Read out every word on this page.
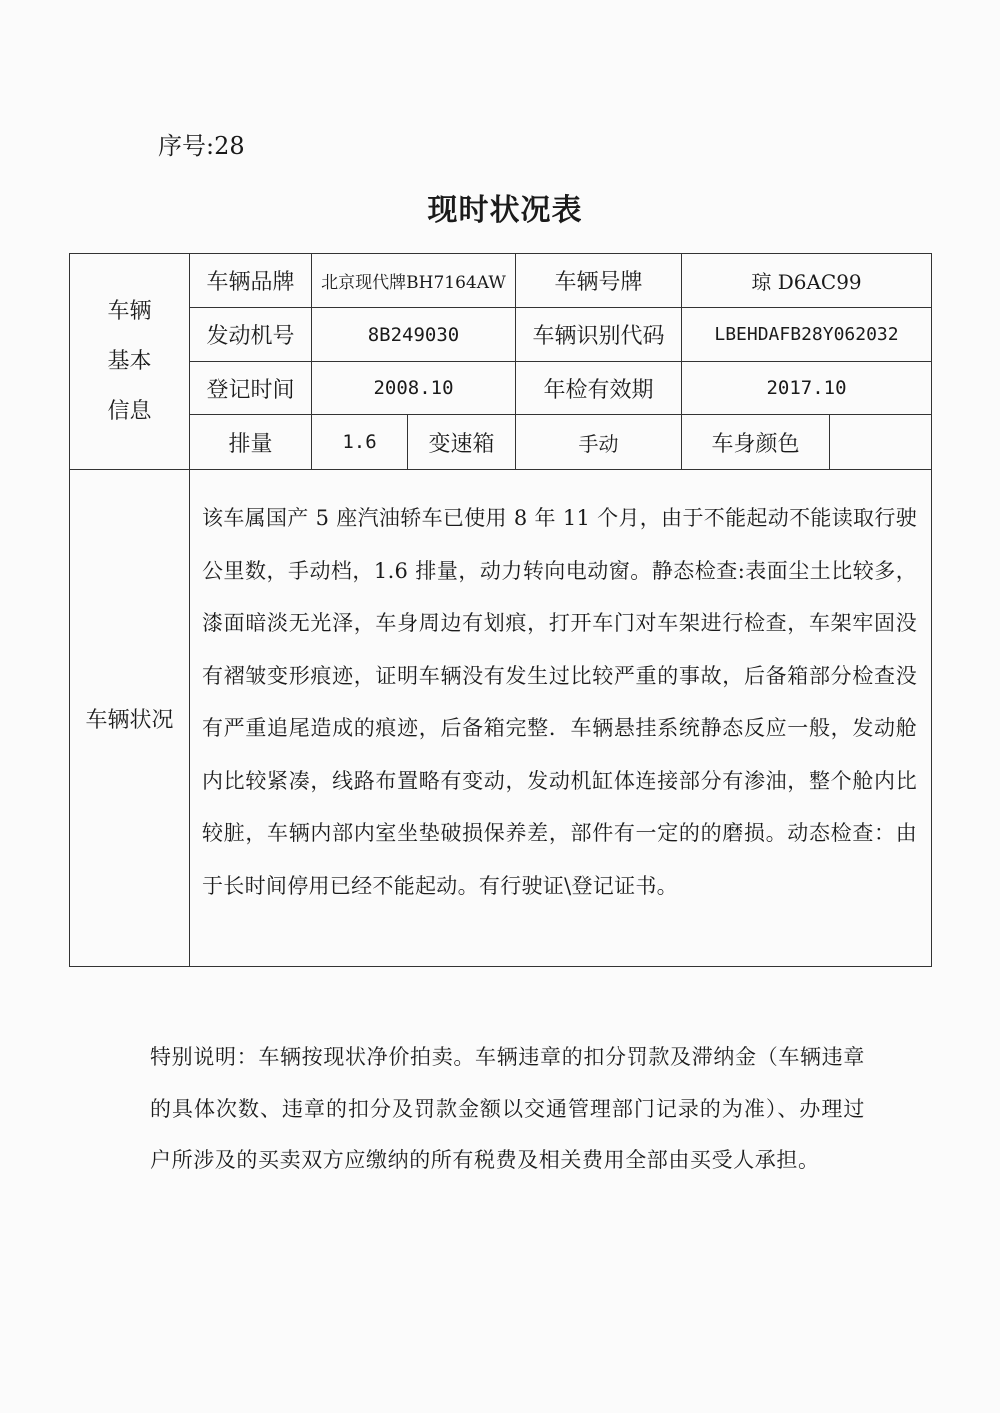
序号:28
现时状况表
车辆
基本
信息	车辆品牌	北京现代牌BH7164AW		车辆号牌	琼 D6AC99	
	发动机号	8B249030		车辆识别代码	LBEHDAFB28Y062032	
	登记时间	2008.10		年检有效期	2017.10	
	排量	1.6	变速箱	手动	车身颜色	
车辆状况	该车属国产 5 座汽油轿车已使用 8 年 11 个月，由于不能起动不能读取行驶公里数，手动档，1.6 排量，动力转向电动窗。静态检查:表面尘土比较多，漆面暗淡无光泽，车身周边有划痕，打开车门对车架进行检查，车架牢固没有褶皱变形痕迹，证明车辆没有发生过比较严重的事故，后备箱部分检查没有严重追尾造成的痕迹，后备箱完整．车辆悬挂系统静态反应一般，发动舱内比较紧凑，线路布置略有变动，发动机缸体连接部分有渗油，整个舱内比较脏，车辆内部内室坐垫破损保养差，部件有一定的的磨损。动态检查：由于长时间停用已经不能起动。有行驶证\登记证书。					
特别说明：车辆按现状净价拍卖。车辆违章的扣分罚款及滞纳金（车辆违章的具体次数、违章的扣分及罚款金额以交通管理部门记录的为准）、办理过户所涉及的买卖双方应缴纳的所有税费及相关费用全部由买受人承担。
